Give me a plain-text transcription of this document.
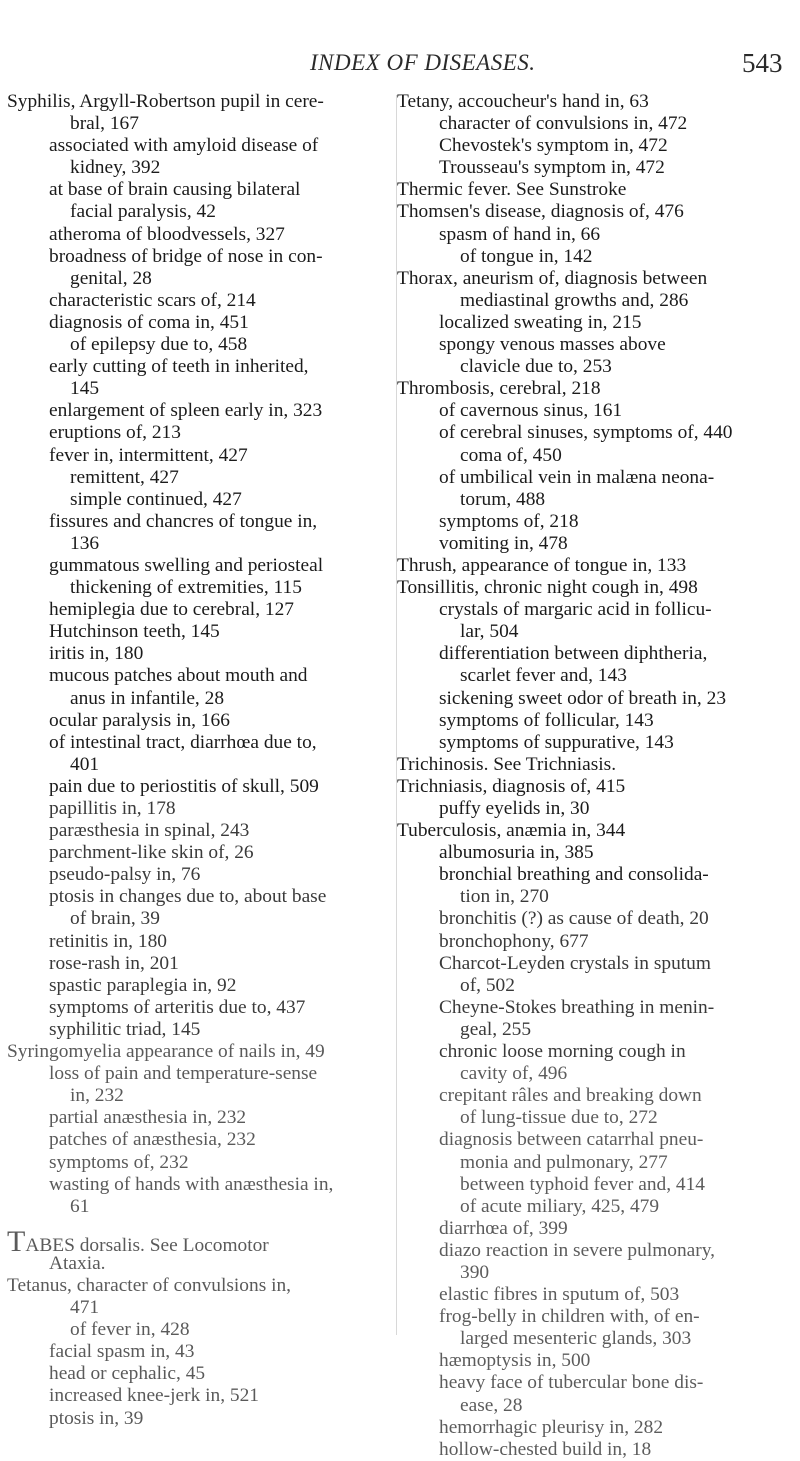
INDEX OF DISEASES.	543
Syphilis, Argyll-Robertson pupil in cere-
bral, 167
associated with amyloid disease of
kidney, 392
at base of brain causing bilateral
facial paralysis, 42
atheroma of bloodvessels, 327
broadness of bridge of nose in con-
genital, 28
characteristic scars of, 214
diagnosis of coma in, 451
of epilepsy due to, 458
early cutting of teeth in inherited,
145
enlargement of spleen early in, 323
eruptions of, 213
fever in, intermittent, 427
remittent, 427
simple continued, 427
fissures and chancres of tongue in,
136
gummatous swelling and periosteal
thickening of extremities, 115
hemiplegia due to cerebral, 127
Hutchinson teeth, 145
iritis in, 180
mucous patches about mouth and
anus in infantile, 28
ocular paralysis in, 166
of intestinal tract, diarrhœa due to,
401
pain due to periostitis of skull, 509
papillitis in, 178
paræsthesia in spinal, 243
parchment-like skin of, 26
pseudo-palsy in, 76
ptosis in changes due to, about base
of brain, 39
retinitis in, 180
rose-rash in, 201
spastic paraplegia in, 92
symptoms of arteritis due to, 437
syphilitic triad, 145
Syringomyelia appearance of nails in, 49
loss of pain and temperature-sense
in, 232
partial anæsthesia in, 232
patches of anæsthesia, 232
symptoms of, 232
wasting of hands with anæsthesia in,
61
TABES dorsalis. See Locomotor
Ataxia.
Tetanus, character of convulsions in,
471
of fever in, 428
facial spasm in, 43
head or cephalic, 45
increased knee-jerk in, 521
ptosis in, 39
Tetany, accoucheur's hand in, 63
character of convulsions in, 472
Chevostek's symptom in, 472
Trousseau's symptom in, 472
Thermic fever. See Sunstroke
Thomsen's disease, diagnosis of, 476
spasm of hand in, 66
of tongue in, 142
Thorax, aneurism of, diagnosis between
mediastinal growths and, 286
localized sweating in, 215
spongy venous masses above
clavicle due to, 253
Thrombosis, cerebral, 218
of cavernous sinus, 161
of cerebral sinuses, symptoms of, 440
coma of, 450
of umbilical vein in malæna neona-
torum, 488
symptoms of, 218
vomiting in, 478
Thrush, appearance of tongue in, 133
Tonsillitis, chronic night cough in, 498
crystals of margaric acid in follicu-
lar, 504
differentiation between diphtheria,
scarlet fever and, 143
sickening sweet odor of breath in, 23
symptoms of follicular, 143
symptoms of suppurative, 143
Trichinosis. See Trichniasis.
Trichniasis, diagnosis of, 415
puffy eyelids in, 30
Tuberculosis, anæmia in, 344
albumosuria in, 385
bronchial breathing and consolida-
tion in, 270
bronchitis (?) as cause of death, 20
bronchophony, 677
Charcot-Leyden crystals in sputum
of, 502
Cheyne-Stokes breathing in menin-
geal, 255
chronic loose morning cough in
cavity of, 496
crepitant râles and breaking down
of lung-tissue due to, 272
diagnosis between catarrhal pneu-
monia and pulmonary, 277
between typhoid fever and, 414
of acute miliary, 425, 479
diarrhœa of, 399
diazo reaction in severe pulmonary,
390
elastic fibres in sputum of, 503
frog-belly in children with, of en-
larged mesenteric glands, 303
hæmoptysis in, 500
heavy face of tubercular bone dis-
ease, 28
hemorrhagic pleurisy in, 282
hollow-chested build in, 18
